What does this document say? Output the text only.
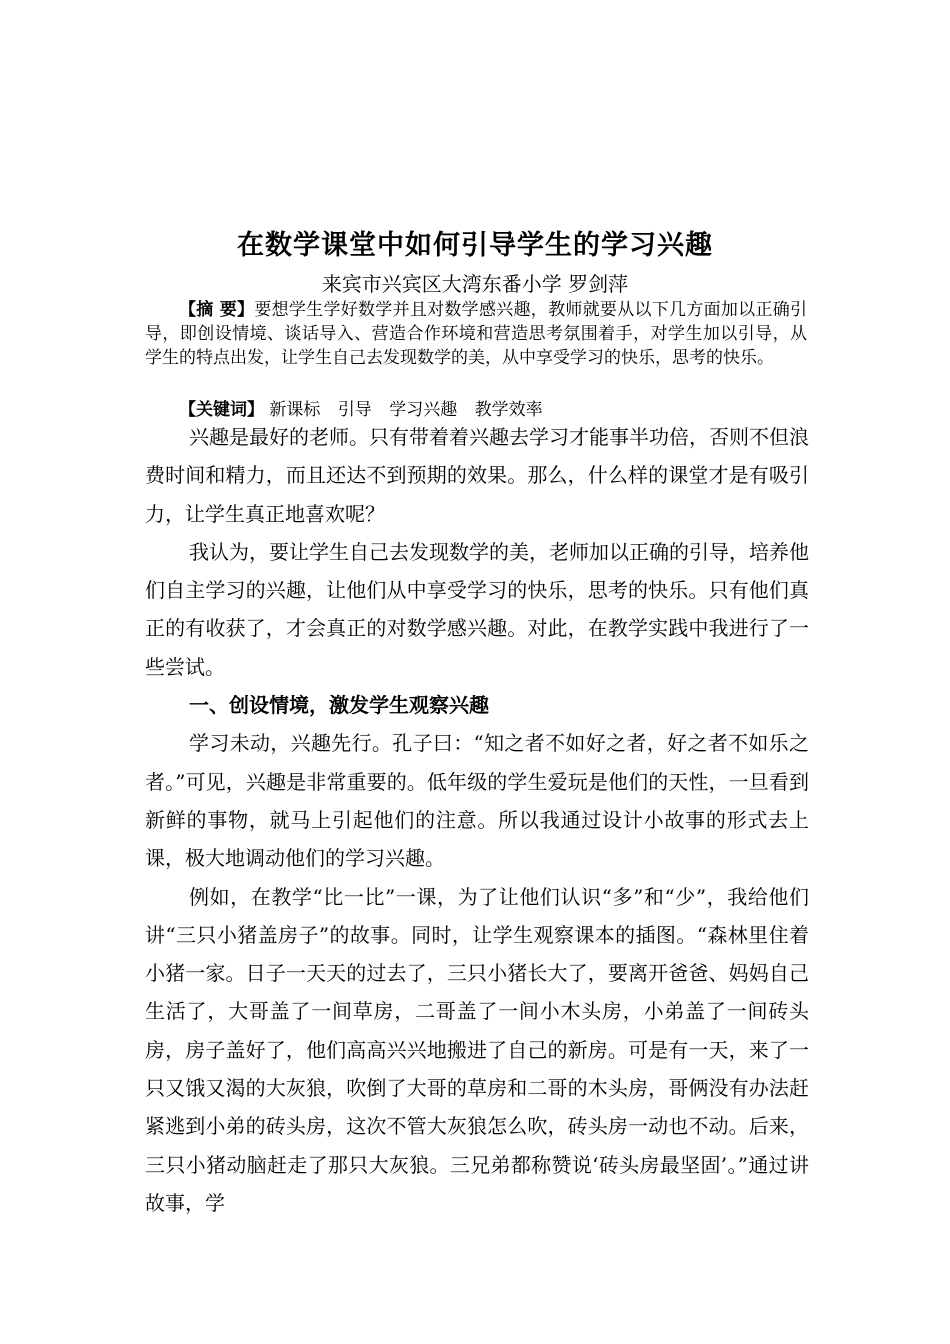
在数学课堂中如何引导学生的学习兴趣
来宾市兴宾区大湾东番小学 罗剑萍
【摘 要】要想学生学好数学并且对数学感兴趣，教师就要从以下几方面加以正确引导，即创设情境、谈话导入、营造合作环境和营造思考氛围着手，对学生加以引导，从学生的特点出发，让学生自己去发现数学的美，从中享受学习的快乐，思考的快乐。
【关键词】 新课标 引导 学习兴趣 教学效率

兴趣是最好的老师。只有带着着兴趣去学习才能事半功倍，否则不但浪费时间和精力，而且还达不到预期的效果。那么，什么样的课堂才是有吸引力，让学生真正地喜欢呢？

我认为，要让学生自己去发现数学的美，老师加以正确的引导，培养他们自主学习的兴趣，让他们从中享受学习的快乐，思考的快乐。只有他们真正的有收获了，才会真正的对数学感兴趣。对此，在教学实践中我进行了一些尝试。

一、创设情境，激发学生观察兴趣

学习未动，兴趣先行。孔子曰：“知之者不如好之者，好之者不如乐之者。”可见，兴趣是非常重要的。低年级的学生爱玩是他们的天性，一旦看到新鲜的事物，就马上引起他们的注意。所以我通过设计小故事的形式去上课，极大地调动他们的学习兴趣。

例如，在教学“比一比”一课，为了让他们认识“多”和“少”，我给他们讲“三只小猪盖房子”的故事。同时，让学生观察课本的插图。“森林里住着小猪一家。日子一天天的过去了，三只小猪长大了，要离开爸爸、妈妈自己生活了，大哥盖了一间草房，二哥盖了一间小木头房，小弟盖了一间砖头房，房子盖好了，他们高高兴兴地搬进了自己的新房。可是有一天，来了一只又饿又渴的大灰狼，吹倒了大哥的草房和二哥的木头房，哥俩没有办法赶紧逃到小弟的砖头房，这次不管大灰狼怎么吹，砖头房一动也不动。后来，三只小猪动脑赶走了那只大灰狼。三兄弟都称赞说‘砖头房最坚固’。”通过讲故事，学
